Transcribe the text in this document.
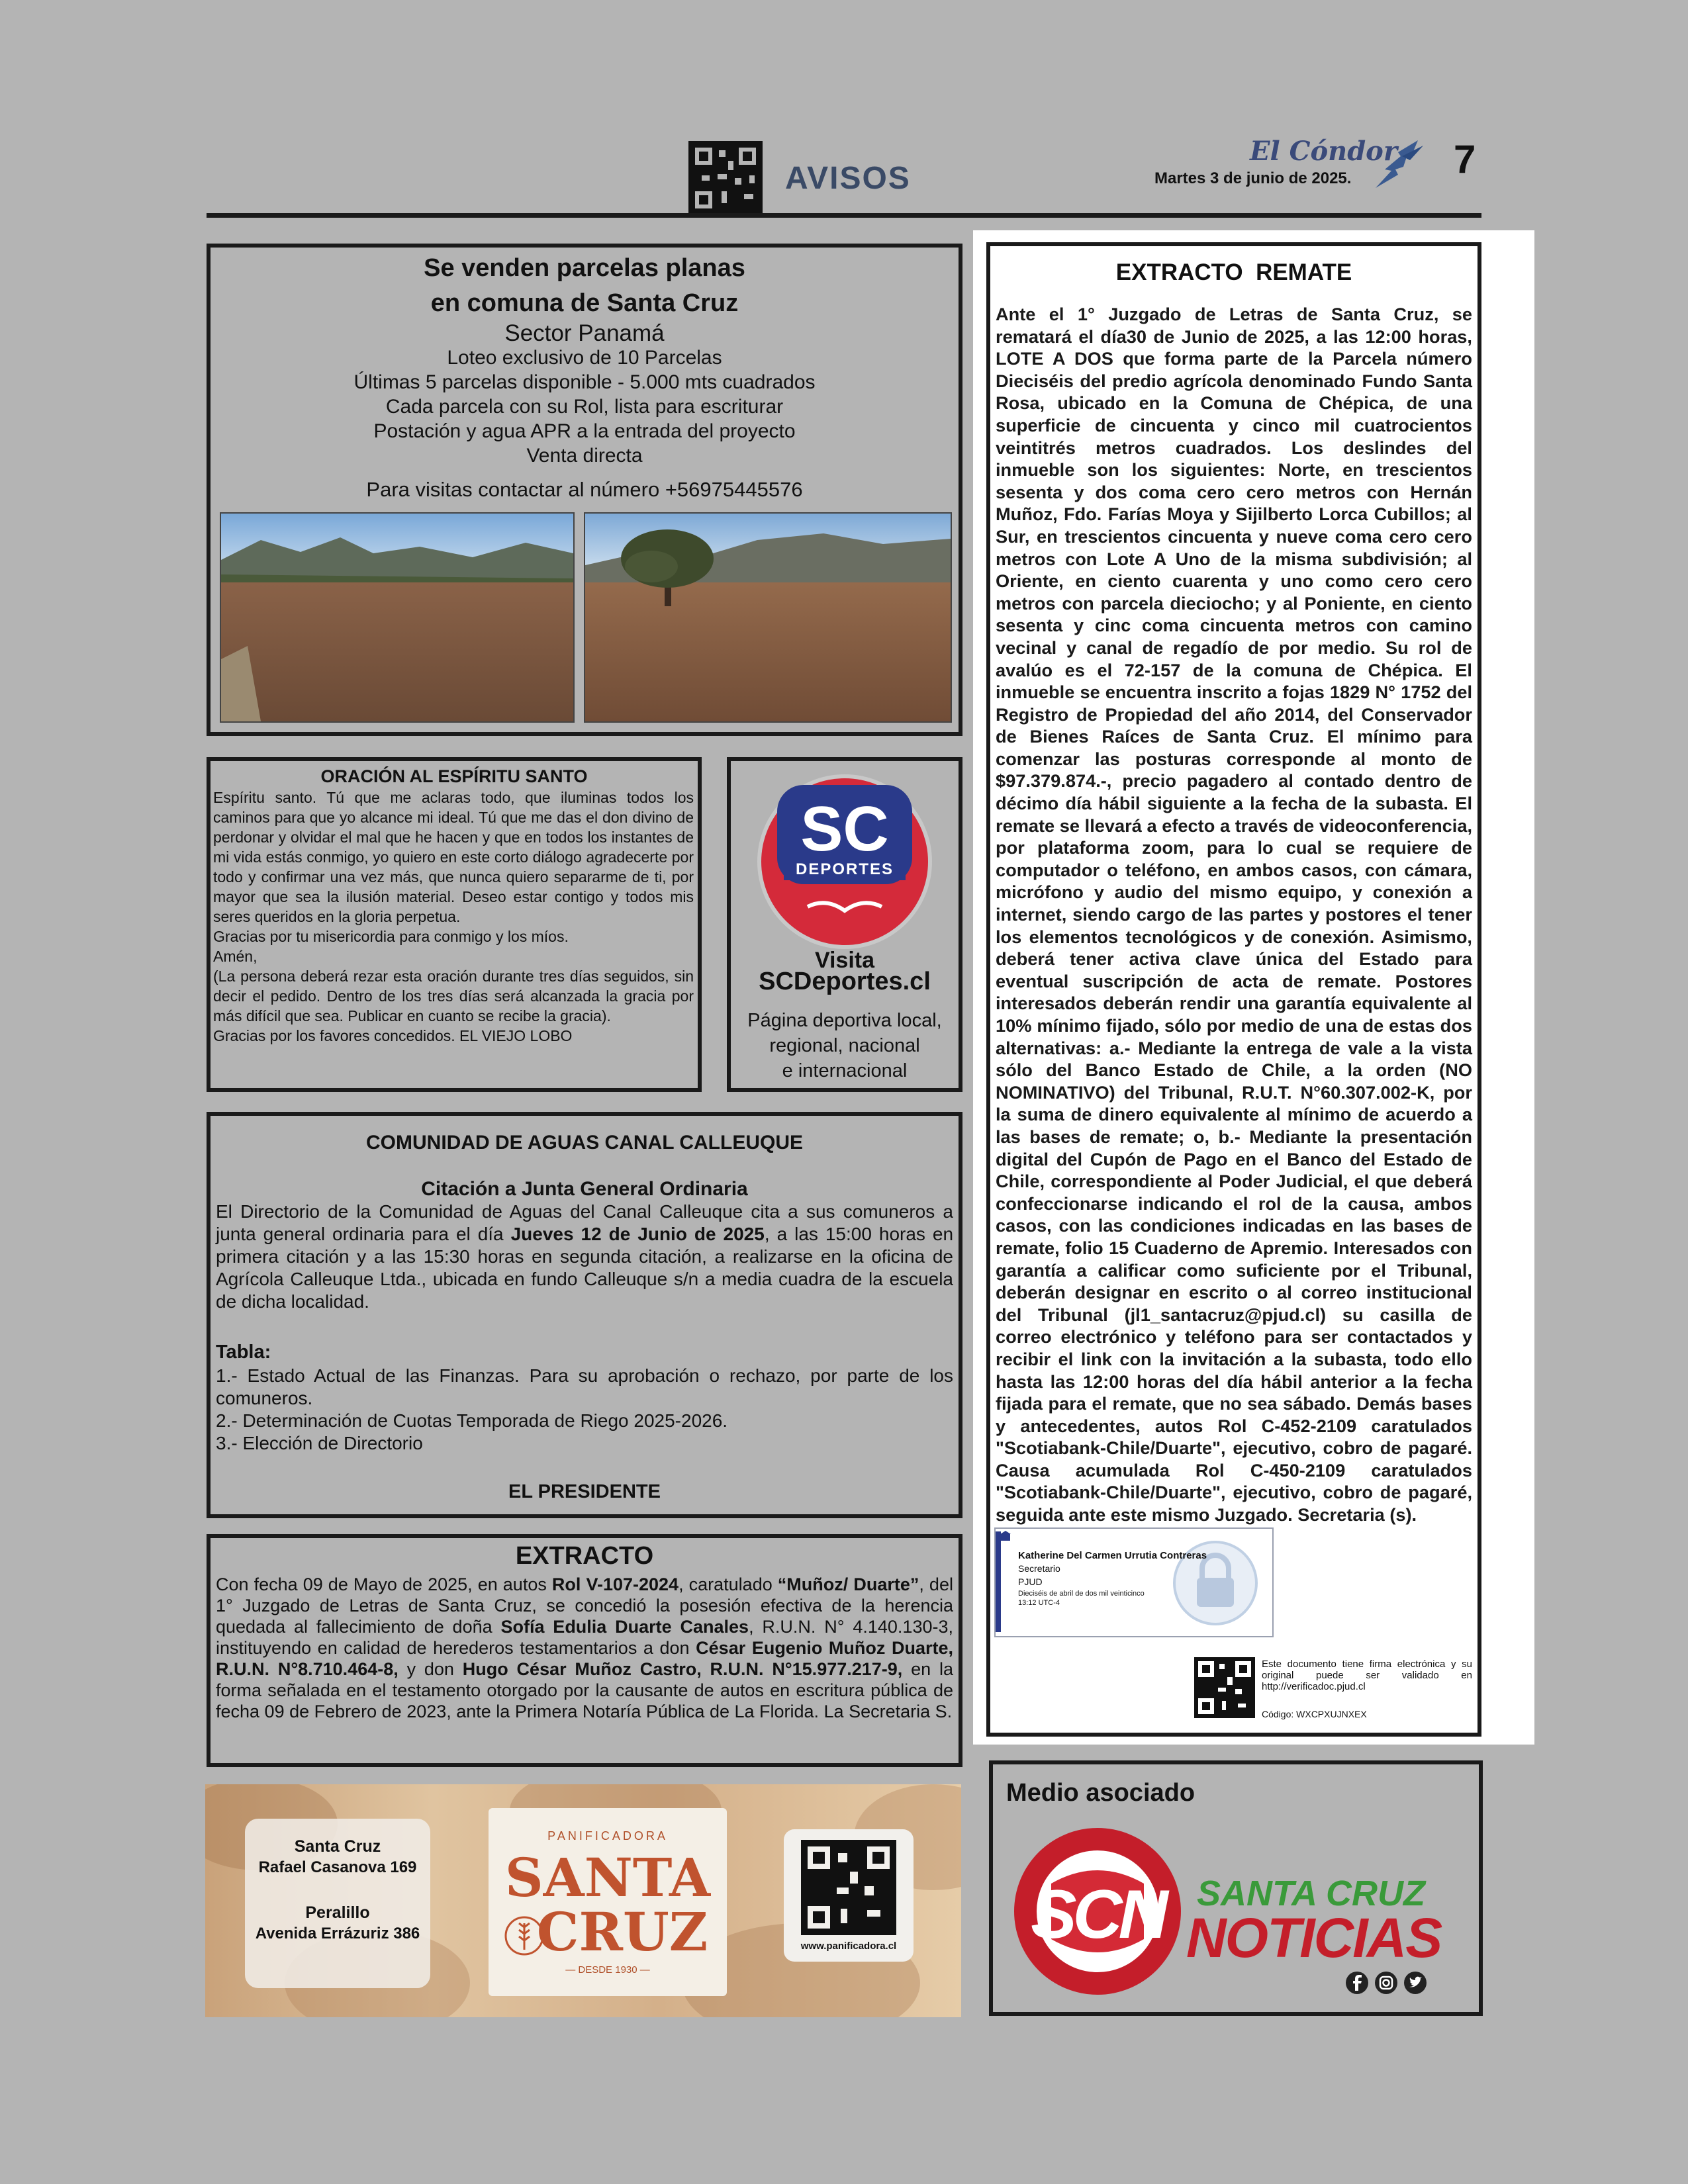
AVISOS
El Cóndor
Martes 3 de junio de 2025.	7
Se venden parcelas planas
en comuna de Santa Cruz
Sector Panamá
Loteo exclusivo de 10 Parcelas
Últimas 5 parcelas disponible - 5.000 mts cuadrados
Cada parcela con su Rol, lista para escriturar
Postación y agua APR a la entrada del proyecto
Venta directa
Para visitas contactar al número +56975445576
ORACIÓN AL ESPÍRITU SANTO
Espíritu santo. Tú que me aclaras todo, que iluminas todos los caminos para que yo alcance mi ideal. Tú que me das el don divino de perdonar y olvidar el mal que he hacen y que en todos los instantes de mi vida estás conmigo, yo quiero en este corto diálogo agradecerte por todo y confirmar una vez más, que nunca quiero separarme de ti, por mayor que sea la ilusión material. Deseo estar contigo y todos mis seres queridos en la gloria perpetua.
Gracias por tu misericordia para conmigo y los míos.
Amén,
(La persona deberá rezar esta oración durante tres días seguidos, sin decir el pedido. Dentro de los tres días será alcanzada la gracia por más difícil que sea. Publicar en cuanto se recibe la gracia).
Gracias por los favores concedidos. EL VIEJO LOBO
SC
DEPORTES
Visita
SCDeportes.cl
Página deportiva local,
regional, nacional
e internacional
COMUNIDAD DE AGUAS CANAL CALLEUQUE
Citación a Junta General Ordinaria
El Directorio de la Comunidad de Aguas del Canal Calleuque cita a sus comuneros a junta general ordinaria para el día Jueves 12 de Junio de 2025, a las 15:00 horas en primera citación y a las 15:30 horas en segunda citación, a realizarse en la oficina de Agrícola Calleuque Ltda., ubicada en fundo Calleuque s/n a media cuadra de la escuela de dicha localidad.
Tabla:
1.- Estado Actual de las Finanzas. Para su aprobación o rechazo, por parte de los comuneros.
2.- Determinación de Cuotas Temporada de Riego 2025-2026.
3.- Elección de Directorio
EL PRESIDENTE
EXTRACTO
Con fecha 09 de Mayo de 2025, en autos Rol V-107-2024, caratulado “Muñoz/ Duarte”, del 1° Juzgado de Letras de Santa Cruz, se concedió la posesión efectiva de la herencia quedada al fallecimiento de doña Sofía Edulia Duarte Canales, R.U.N. N° 4.140.130-3, instituyendo en calidad de herederos testamentarios a don César Eugenio Muñoz Duarte, R.U.N. N°8.710.464-8, y don Hugo César Muñoz Castro, R.U.N. N°15.977.217-9, en la forma señalada en el testamento otorgado por la causante de autos en escritura pública de fecha 09 de Febrero de 2023, ante la Primera Notaría Pública de La Florida. La Secretaria S.
Santa Cruz
Rafael Casanova 169
Peralillo
Avenida Errázuriz 386
PANIFICADORA
SANTA
CRUZ
— DESDE 1930 —
www.panificadora.cl
EXTRACTO  REMATE
Ante el 1° Juzgado de Letras de Santa Cruz, se rematará el día30 de Junio de 2025, a las 12:00 horas, LOTE A DOS que forma parte de la Parcela número Dieciséis del predio agrícola denominado Fundo Santa Rosa, ubicado en la Comuna de Chépica, de una superficie de cincuenta y cinco mil cuatrocientos veintitrés metros cuadrados. Los deslindes del inmueble son los siguientes: Norte, en trescientos sesenta y dos coma cero cero metros con Hernán Muñoz, Fdo. Farías Moya y Sijilberto Lorca Cubillos; al Sur, en trescientos cincuenta y nueve coma cero cero metros con Lote A Uno de la misma subdivisión; al Oriente, en ciento cuarenta y uno como cero cero metros con parcela dieciocho; y al Poniente, en ciento sesenta y cinc coma cincuenta metros con camino vecinal y canal de regadío de por medio. Su rol de avalúo es el 72-157 de la comuna de Chépica. El inmueble se encuentra inscrito a fojas 1829 N° 1752 del Registro de Propiedad del año 2014, del Conservador de Bienes Raíces de Santa Cruz. El mínimo para comenzar las posturas corresponde al monto de $97.379.874.-, precio pagadero al contado dentro de décimo día hábil siguiente a la fecha de la subasta. El remate se llevará a efecto a través de videoconferencia, por plataforma zoom, para lo cual se requiere de computador o teléfono, en ambos casos, con cámara, micrófono y audio del mismo equipo, y conexión a internet, siendo cargo de las partes y postores el tener los elementos tecnológicos y de conexión. Asimismo, deberá tener activa clave única del Estado para eventual suscripción de acta de remate. Postores interesados deberán rendir una garantía equivalente al 10% mínimo fijado, sólo por medio de una de estas dos alternativas: a.- Mediante la entrega de vale a la vista sólo del Banco Estado de Chile, a la orden (NO NOMINATIVO) del Tribunal, R.U.T. N°60.307.002-K, por la suma de dinero equivalente al mínimo de acuerdo a las bases de remate; o, b.- Mediante la presentación digital del Cupón de Pago en el Banco del Estado de Chile, correspondiente al Poder Judicial, el que deberá confeccionarse indicando el rol de la causa, ambos casos, con las condiciones indicadas en las bases de remate, folio 15 Cuaderno de Apremio. Interesados con garantía a calificar como suficiente por el Tribunal, deberán designar en escrito o al correo institucional del Tribunal (jl1_santacruz@pjud.cl) su casilla de correo electrónico y teléfono para ser contactados y recibir el link con la invitación a la subasta, todo ello hasta las 12:00 horas del día hábil anterior a la fecha fijada para el remate, que no sea sábado. Demás bases y antecedentes, autos Rol C-452-2109 caratulados "Scotiabank-Chile/Duarte", ejecutivo, cobro de pagaré. Causa acumulada Rol C-450-2109 caratulados "Scotiabank-Chile/Duarte", ejecutivo, cobro de pagaré, seguida ante este mismo Juzgado. Secretaria (s).
Katherine Del Carmen Urrutia Contreras
Secretario
PJUD
Dieciséis de abril de dos mil veinticinco
13:12 UTC-4
Este documento tiene firma electrónica y su original puede ser validado en http://verificadoc.pjud.cl
Código: WXCPXUJNXEX
Medio asociado
SCN SANTA CRUZ
NOTICIAS
